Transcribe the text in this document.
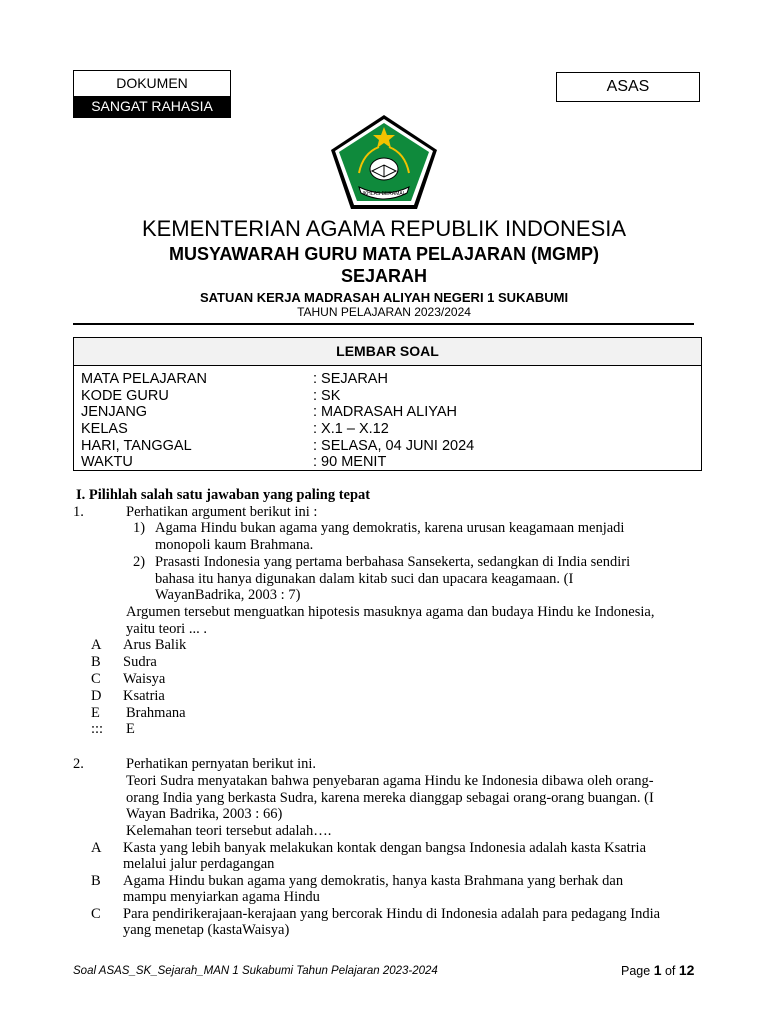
DOKUMEN
SANGAT RAHASIA
ASAS
IKHLAS BERAMAL
KEMENTERIAN AGAMA REPUBLIK INDONESIA
MUSYAWARAH GURU MATA PELAJARAN (MGMP)
SEJARAH
SATUAN KERJA MADRASAH ALIYAH NEGERI 1 SUKABUMI
TAHUN PELAJARAN 2023/2024
LEMBAR SOAL
MATA PELAJARAN	: SEJARAH
KODE GURU	: SK
JENJANG	: MADRASAH ALIYAH
KELAS	: X.1 – X.12
HARI, TANGGAL	: SELASA, 04 JUNI 2024
WAKTU	: 90 MENIT
I. Pilihlah salah satu jawaban yang paling tepat
1.	Perhatikan argument berikut ini :
1) Agama Hindu bukan agama yang demokratis, karena urusan keagamaan menjadi
monopoli kaum Brahmana.
2) Prasasti Indonesia yang pertama berbahasa Sansekerta, sedangkan di India sendiri
bahasa itu hanya digunakan dalam kitab suci dan upacara keagamaan. (I
WayanBadrika, 2003 : 7)
Argumen tersebut menguatkan hipotesis masuknya agama dan budaya Hindu ke Indonesia,
yaitu teori ... .
A Arus Balik
B Sudra
C Waisya
D Ksatria
E Brahmana
::: E
2.	Perhatikan pernyatan berikut ini.
Teori Sudra menyatakan bahwa penyebaran agama Hindu ke Indonesia dibawa oleh orang-
orang India yang berkasta Sudra, karena mereka dianggap sebagai orang-orang buangan. (I
Wayan Badrika, 2003 : 66)
Kelemahan teori tersebut adalah….
A Kasta yang lebih banyak melakukan kontak dengan bangsa Indonesia adalah kasta Ksatria
melalui jalur perdagangan
B Agama Hindu bukan agama yang demokratis, hanya kasta Brahmana yang berhak dan
mampu menyiarkan agama Hindu
C Para pendirikerajaan-kerajaan yang bercorak Hindu di Indonesia adalah para pedagang India
yang menetap (kastaWaisya)
Soal ASAS_SK_Sejarah_MAN 1 Sukabumi Tahun Pelajaran 2023-2024	Page 1 of 12
